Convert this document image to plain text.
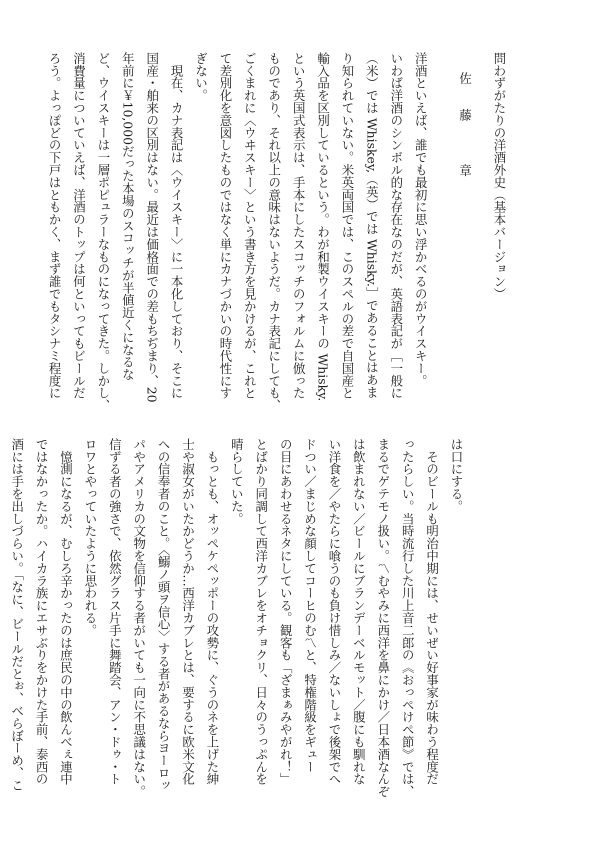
問わずがたりの洋酒外史（基本バージョン）
佐　藤　　章
洋酒といえば、誰でも最初に思い浮かべるのがウイスキー。
いわば洋酒のシンボル的な存在なのだが、英語表記が［一般に
（米）では Whiskey,（英）では Whisky.］であることはあま
り知られていない。米英両国では、このスペルの差で自国産と
輸入品を区別しているという。わが和製ウイスキーの Whisky.
という英国式表示は、手本にしたスコッチのフォルムに倣った
ものであり、それ以上の意味はないようだ。カナ表記にしても、
ごくまれに〈ウヰスキー〉という書き方を見かけるが、これと
て差別化を意図したものではなく単にカナづかいの時代性にす
ぎない。
　現在、カナ表記は〈ウイスキー〉に一本化しており、そこに
国産・舶来の区別はない。最近は価格面での差もちぢまり、20
年前に￥10,000だった本場のスコッチが半値近くになるな
ど、ウイスキーは一層ポピュラーなものになってきた。しかし、
消費量についていえば、洋酒のトップは何といってもビールだ
ろう。よっぽどの下戸はともかく、まず誰でもタシナミ程度に
は口にする。
　そのビールも明治中期には、せいぜい好事家が味わう程度だ
ったらしい。当時流行した川上音二郎の《おっぺけぺ節》では、
まるでゲテモノ扱い。〽むやみに西洋を鼻にかけ／日本酒なんぞ
は飲まれない／ビールにブランデーベルモット／腹にも馴れな
い洋食を／やたらに喰うのも負け惜しみ／ないしょで後架でへ
ドつい／まじめな顔してコーヒのむ〽と、特権階級をギュー
の目にあわせるネタにしている。観客も「ざまぁみやがれ！」
とばかり同調して西洋カブレをオチョクリ、日々のうっぷんを
晴らしていた。
　もっとも、オッペケペッポーの攻勢に、ぐうのネを上げた紳
士や淑女がいたかどうか…西洋カブレとは、要するに欧米文化
への信奉者のこと。〈鰯ノ頭ヲ信心〉する者があるならヨーロッ
パやアメリカの文物を信仰する者がいても一向に不思議はない。
信ずる者の強さで、依然グラス片手に舞踏会、アン・ドゥ・ト
ロワとやっていたように思われる。
　憶測になるが、むしろ辛かったのは庶民の中の飲んべぇ連中
ではなかったか。ハイカラ族にエサぶりをかけた手前、泰西の
酒には手を出しづらい。「なに、ビールだとぉ、べらぼーめ、こ
